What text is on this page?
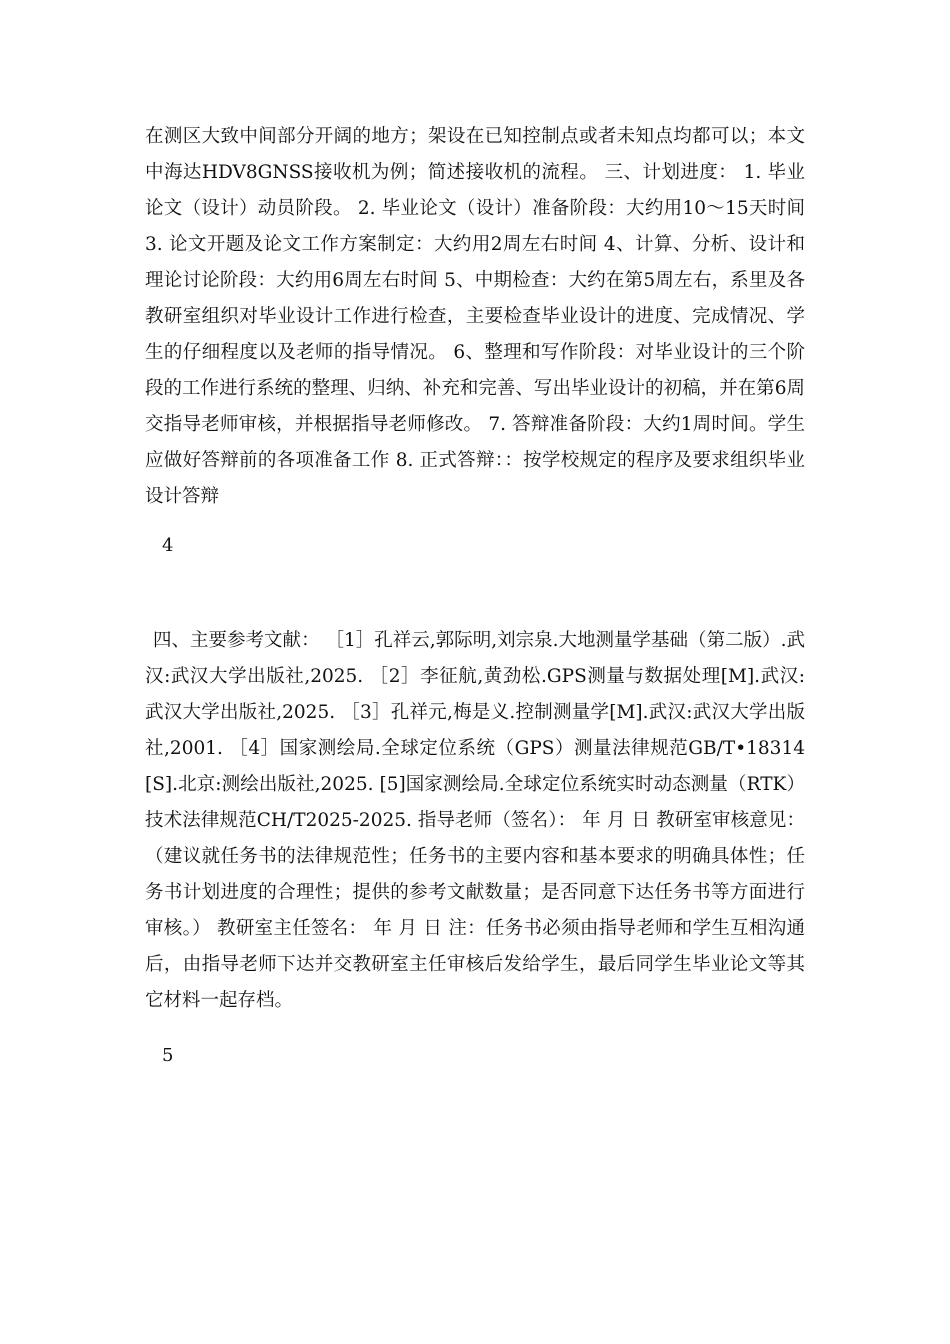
在测区大致中间部分开阔的地方；架设在已知控制点或者未知点均都可以；本文中海达HDV8GNSS接收机为例；简述接收机的流程。 三、计划进度： 1. 毕业论文（设计）动员阶段。 2. 毕业论文（设计）准备阶段：大约用10～15天时间 3. 论文开题及论文工作方案制定：大约用2周左右时间 4、计算、分析、设计和理论讨论阶段：大约用6周左右时间 5、中期检查：大约在第5周左右，系里及各教研室组织对毕业设计工作进行检查，主要检查毕业设计的进度、完成情况、学生的仔细程度以及老师的指导情况。 6、整理和写作阶段：对毕业设计的三个阶段的工作进行系统的整理、归纳、补充和完善、写出毕业设计的初稿，并在第6周交指导老师审核，并根据指导老师修改。 7. 答辩准备阶段：大约1周时间。学生应做好答辩前的各项准备工作 8. 正式答辩：：按学校规定的程序及要求组织毕业设计答辩

4

四、主要参考文献： ［1］孔祥云,郭际明,刘宗泉.大地测量学基础（第二版）.武汉:武汉大学出版社,2025. ［2］李征航,黄劲松.GPS测量与数据处理[M].武汉:武汉大学出版社,2025. ［3］孔祥元,梅是义.控制测量学[M].武汉:武汉大学出版社,2001. ［4］国家测绘局.全球定位系统（GPS）测量法律规范GB/T•18314 [S].北京:测绘出版社,2025. [5]国家测绘局.全球定位系统实时动态测量（RTK）技术法律规范CH/T2025-2025. 指导老师（签名）： 年 月 日 教研室审核意见： （建议就任务书的法律规范性；任务书的主要内容和基本要求的明确具体性；任务书计划进度的合理性；提供的参考文献数量；是否同意下达任务书等方面进行审核。） 教研室主任签名： 年 月 日 注：任务书必须由指导老师和学生互相沟通后，由指导老师下达并交教研室主任审核后发给学生，最后同学生毕业论文等其它材料一起存档。

5
